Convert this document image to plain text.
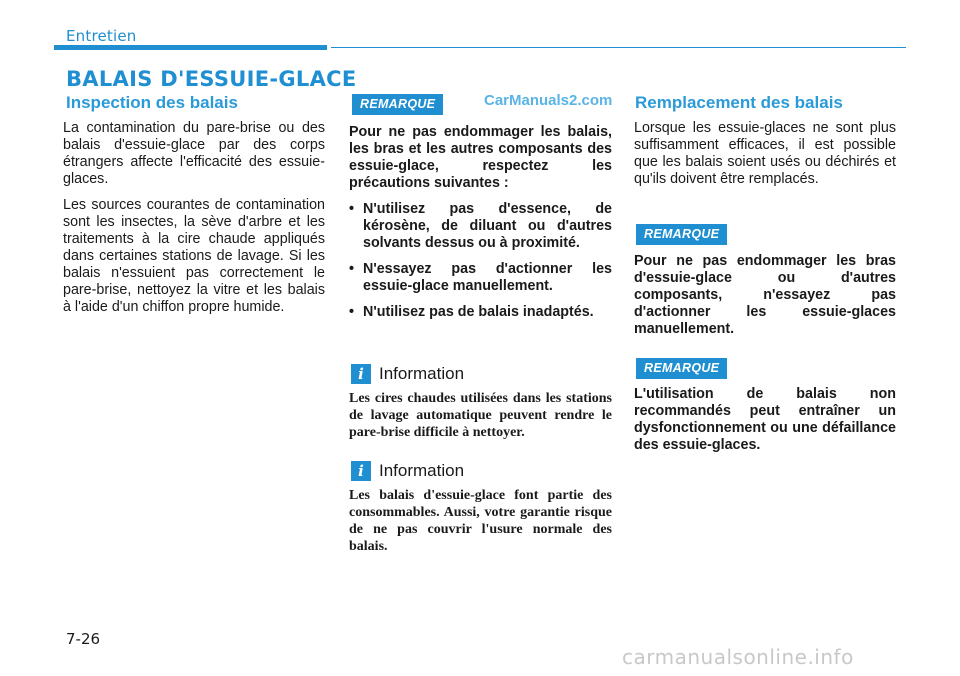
Entretien
BALAIS D'ESSUIE-GLACE
Inspection des balais

La contamination du pare-brise ou des balais d'essuie-glace par des corps étrangers affecte l'efficacité des essuie-glaces.

Les sources courantes de contamination sont les insectes, la sève d'arbre et les traitements à la cire chaude appliqués dans certaines stations de lavage. Si les balais n'essuient pas correctement le pare-brise, nettoyez la vitre et les balais à l'aide d'un chiffon propre humide.

REMARQUE	CarManuals2.com

Pour ne pas endommager les balais, les bras et les autres composants des essuie-glace, respectez les précautions suivantes :

• N'utilisez pas d'essence, de kérosène, de diluant ou d'autres solvants dessus ou à proximité.
• N'essayez pas d'actionner les essuie-glace manuellement.
• N'utilisez pas de balais inadaptés.
i Information
Les cires chaudes utilisées dans les stations de lavage automatique peuvent rendre le pare-brise difficile à nettoyer.
i Information
Les balais d'essuie-glace font partie des consommables. Aussi, votre garantie risque de ne pas couvrir l'usure normale des balais.
Remplacement des balais
Lorsque les essuie-glaces ne sont plus suffisamment efficaces, il est possible que les balais soient usés ou déchirés et qu'ils doivent être remplacés.
REMARQUE
Pour ne pas endommager les bras d'essuie-glace ou d'autres composants, n'essayez pas d'actionner les essuie-glaces manuellement.
REMARQUE
L'utilisation de balais non recommandés peut entraîner un dysfonctionnement ou une défaillance des essuie-glaces.
7-26
carmanualsonline.info
